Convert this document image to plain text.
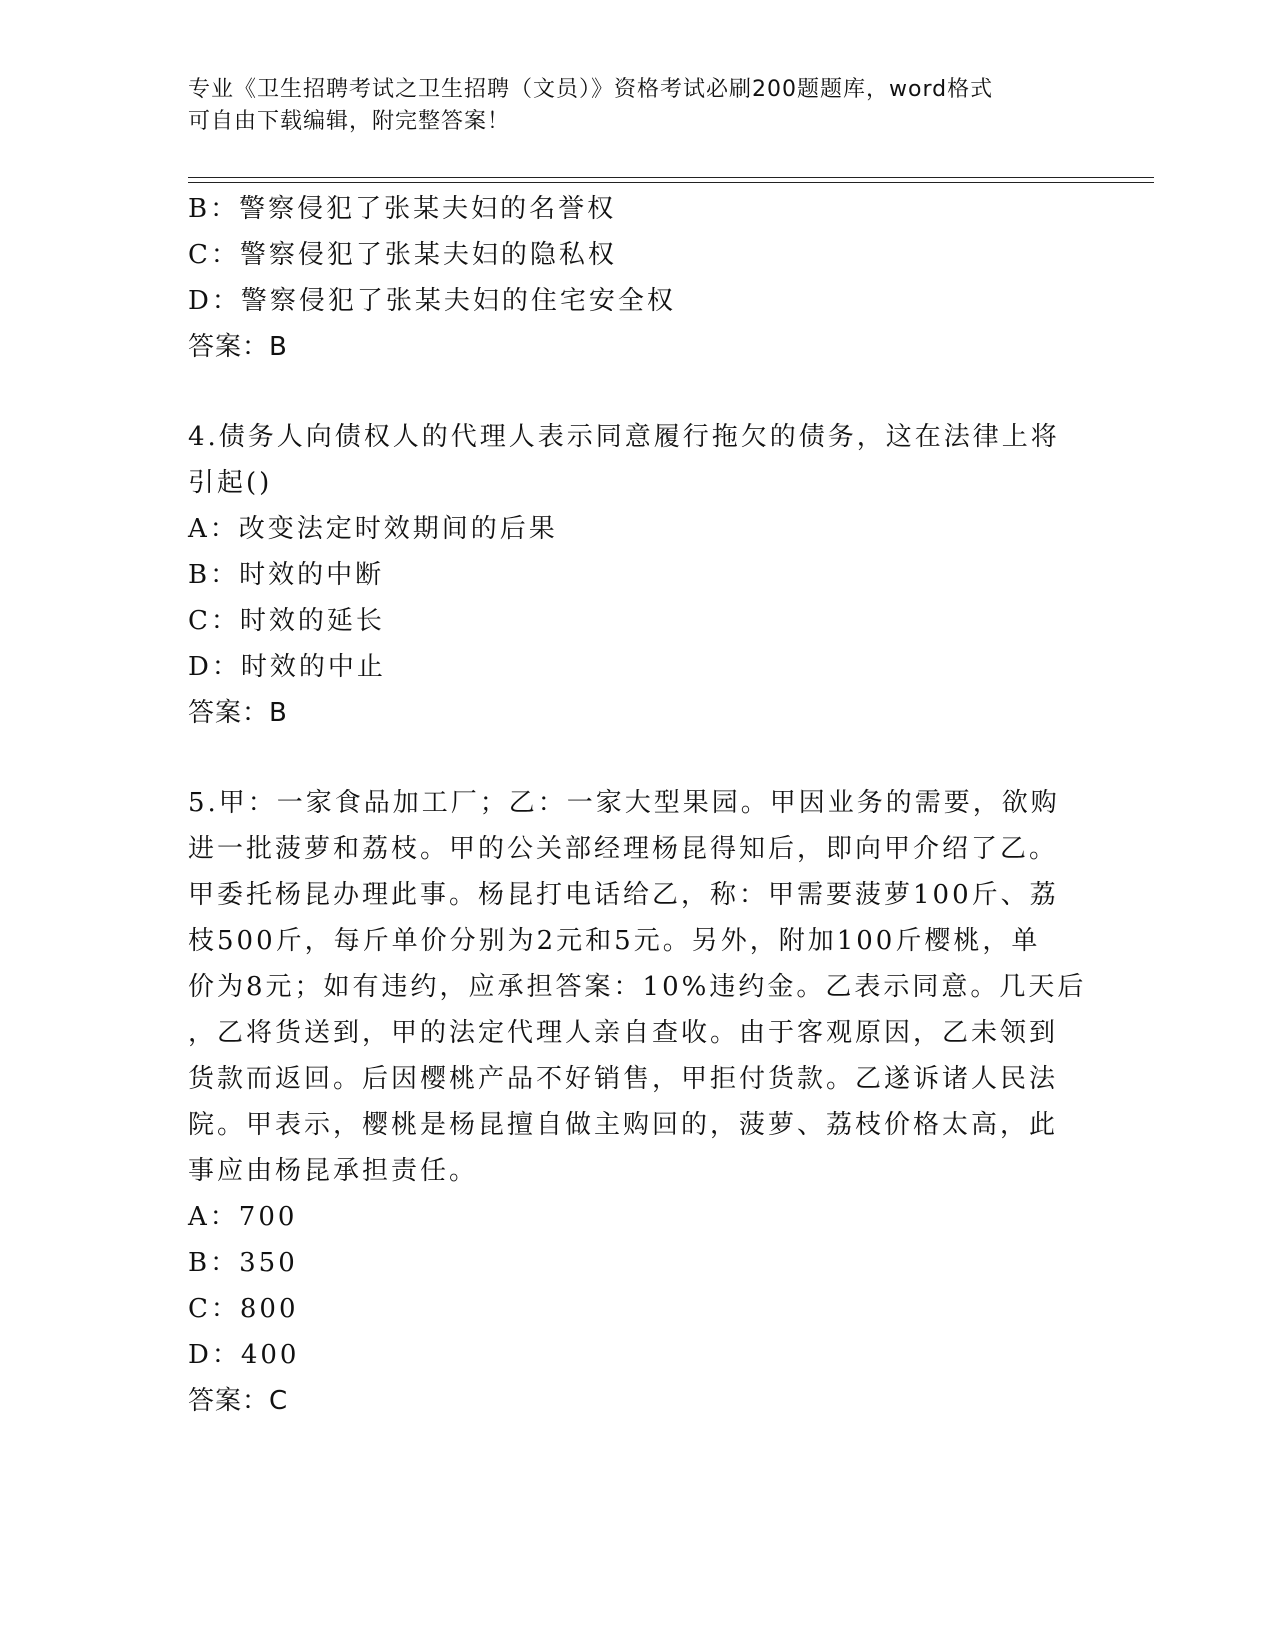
专业《卫生招聘考试之卫生招聘（文员）》资格考试必刷200题题库，word格式
可自由下载编辑，附完整答案！
B：警察侵犯了张某夫妇的名誉权
C：警察侵犯了张某夫妇的隐私权
D：警察侵犯了张某夫妇的住宅安全权
答案：B
4.债务人向债权人的代理人表示同意履行拖欠的债务，这在法律上将
引起()
A：改变法定时效期间的后果
B：时效的中断
C：时效的延长
D：时效的中止
答案：B
5.甲：一家食品加工厂；乙：一家大型果园。甲因业务的需要，欲购
进一批菠萝和荔枝。甲的公关部经理杨昆得知后，即向甲介绍了乙。
甲委托杨昆办理此事。杨昆打电话给乙，称：甲需要菠萝100斤、荔
枝500斤，每斤单价分别为2元和5元。另外，附加100斤樱桃，单
价为8元；如有违约，应承担答案：10%违约金。乙表示同意。几天后
，乙将货送到，甲的法定代理人亲自查收。由于客观原因，乙未领到
货款而返回。后因樱桃产品不好销售，甲拒付货款。乙遂诉诸人民法
院。甲表示，樱桃是杨昆擅自做主购回的，菠萝、荔枝价格太高，此
事应由杨昆承担责任。
A：700
B：350
C：800
D：400
答案：C
